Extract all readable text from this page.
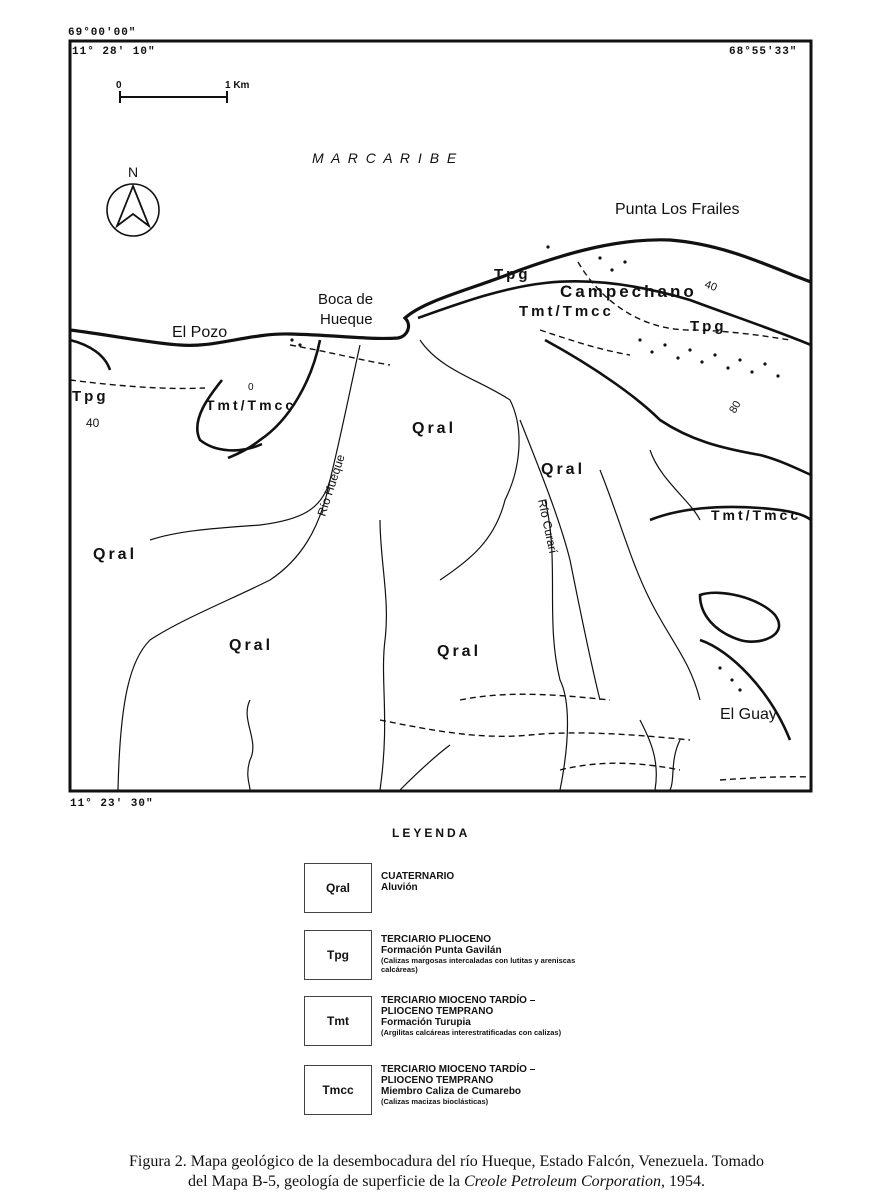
69°00'00"
11° 28' 10"	68°55'33"
11° 23' 30"
0	1 Km
N
M A R C A R I B E
Punta Los Frailes
Boca de
Hueque
El Pozo
Campechano
Río Hueque
Río Curarí
El Guay
Tpg
Tpg
Tpg
Tmt/Tmcc
Tmt/Tmcc
Tmt/Tmcc
Qral
Qral
Qral
Qral	Qral
40
40
80
0
LEYENDA
Qral
CUATERNARIO
Aluvión
Tpg
TERCIARIO PLIOCENO
Formación Punta Gavilán
(Calizas margosas intercaladas con lutitas y areniscas calcáreas)
Tmt
TERCIARIO MIOCENO TARDÍO –
PLIOCENO TEMPRANO
Formación Turupia
(Argilitas calcáreas interestratificadas con calizas)
Tmcc
TERCIARIO MIOCENO TARDÍO –
PLIOCENO TEMPRANO
Miembro Caliza de Cumarebo
(Calizas macizas bioclásticas)
Figura 2. Mapa geológico de la desembocadura del río Hueque, Estado Falcón, Venezuela. Tomado
del Mapa B-5, geología de superficie de la Creole Petroleum Corporation, 1954.
